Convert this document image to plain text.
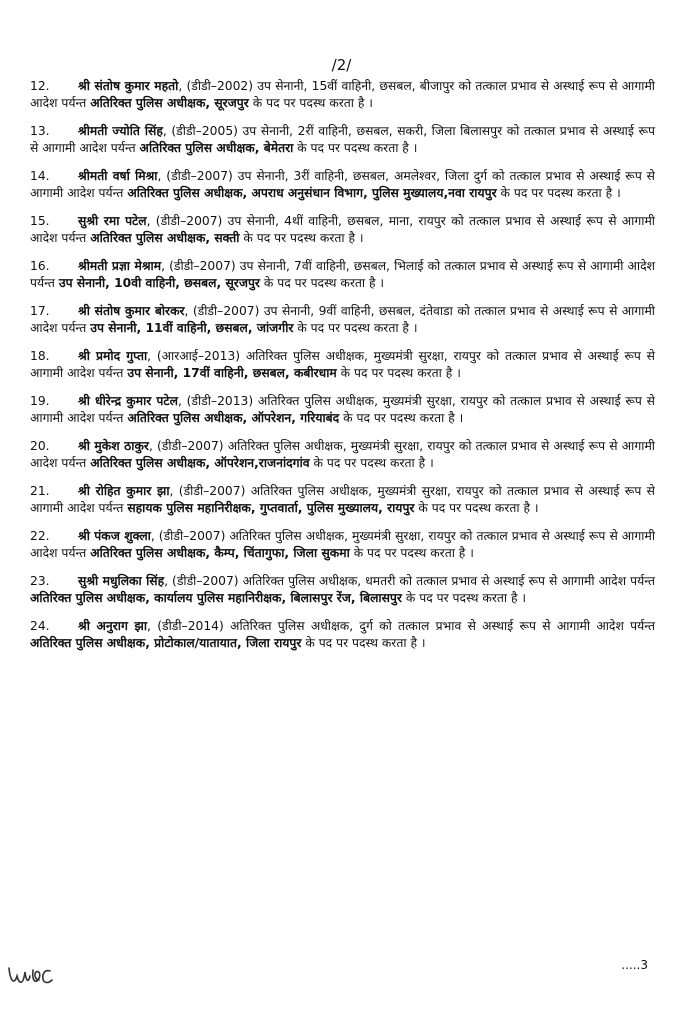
/2/

12. श्री संतोष कुमार महतो, (डीडी–2002) उप सेनानी, 15वीं वाहिनी, छसबल, बीजापुर को तत्काल प्रभाव से अस्थाई रूप से आगामी आदेश पर्यन्त अतिरिक्त पुलिस अधीक्षक, सूरजपुर के पद पर पदस्थ करता है ।

13. श्रीमती ज्योति सिंह, (डीडी–2005) उप सेनानी, 2रीं वाहिनी, छसबल, सकरी, जिला बिलासपुर को तत्काल प्रभाव से अस्थाई रूप से आगामी आदेश पर्यन्त अतिरिक्त पुलिस अधीक्षक, बेमेतरा के पद पर पदस्थ करता है ।

14. श्रीमती वर्षा मिश्रा, (डीडी–2007) उप सेनानी, 3रीं वाहिनी, छसबल, अमलेश्वर, जिला दुर्ग को तत्काल प्रभाव से अस्थाई रूप से आगामी आदेश पर्यन्त अतिरिक्त पुलिस अधीक्षक, अपराध अनुसंधान विभाग, पुलिस मुख्यालय,नवा रायपुर के पद पर पदस्थ करता है ।

15. सुश्री रमा पटेल, (डीडी–2007) उप सेनानी, 4थीं वाहिनी, छसबल, माना, रायपुर को तत्काल प्रभाव से अस्थाई रूप से आगामी आदेश पर्यन्त अतिरिक्त पुलिस अधीक्षक, सक्ती के पद पर पदस्थ करता है ।

16. श्रीमती प्रज्ञा मेश्राम, (डीडी–2007) उप सेनानी, 7वीं वाहिनी, छसबल, भिलाई को तत्काल प्रभाव से अस्थाई रूप से आगामी आदेश पर्यन्त उप सेनानी, 10वी वाहिनी, छसबल, सूरजपुर के पद पर पदस्थ करता है ।

17. श्री संतोष कुमार बोरकर, (डीडी–2007) उप सेनानी, 9वीं वाहिनी, छसबल, दंतेवाडा को तत्काल प्रभाव से अस्थाई रूप से आगामी आदेश पर्यन्त उप सेनानी, 11वीं वाहिनी, छसबल, जांजगीर के पद पर पदस्थ करता है ।

18. श्री प्रमोद गुप्ता, (आरआई–2013) अतिरिक्त पुलिस अधीक्षक, मुख्यमंत्री सुरक्षा, रायपुर को तत्काल प्रभाव से अस्थाई रूप से आगामी आदेश पर्यन्त उप सेनानी, 17वीं वाहिनी, छसबल, कबीरधाम के पद पर पदस्थ करता है ।

19. श्री धीरेन्द्र कुमार पटेल, (डीडी–2013) अतिरिक्त पुलिस अधीक्षक, मुख्यमंत्री सुरक्षा, रायपुर को तत्काल प्रभाव से अस्थाई रूप से आगामी आदेश पर्यन्त अतिरिक्त पुलिस अधीक्षक, ऑपरेशन, गरियाबंद के पद पर पदस्थ करता है ।

20. श्री मुकेश ठाकुर, (डीडी–2007) अतिरिक्त पुलिस अधीक्षक, मुख्यमंत्री सुरक्षा, रायपुर को तत्काल प्रभाव से अस्थाई रूप से आगामी आदेश पर्यन्त अतिरिक्त पुलिस अधीक्षक, ऑपरेशन,राजनांदगांव के पद पर पदस्थ करता है ।

21. श्री रोहित कुमार झा, (डीडी–2007) अतिरिक्त पुलिस अधीक्षक, मुख्यमंत्री सुरक्षा, रायपुर को तत्काल प्रभाव से अस्थाई रूप से आगामी आदेश पर्यन्त सहायक पुलिस महानिरीक्षक, गुप्तवार्ता, पुलिस मुख्यालय, रायपुर के पद पर पदस्थ करता है ।

22. श्री पंकज शुक्ला, (डीडी–2007) अतिरिक्त पुलिस अधीक्षक, मुख्यमंत्री सुरक्षा, रायपुर को तत्काल प्रभाव से अस्थाई रूप से आगामी आदेश पर्यन्त अतिरिक्त पुलिस अधीक्षक, कैम्प, चिंतागुफा, जिला सुकमा के पद पर पदस्थ करता है ।

23. सुश्री मधुलिका सिंह, (डीडी–2007) अतिरिक्त पुलिस अधीक्षक, धमतरी को तत्काल प्रभाव से अस्थाई रूप से आगामी आदेश पर्यन्त अतिरिक्त पुलिस अधीक्षक, कार्यालय पुलिस महानिरीक्षक, बिलासपुर रेंज, बिलासपुर के पद पर पदस्थ करता है ।

24. श्री अनुराग झा, (डीडी–2014) अतिरिक्त पुलिस अधीक्षक, दुर्ग को तत्काल प्रभाव से अस्थाई रूप से आगामी आदेश पर्यन्त अतिरिक्त पुलिस अधीक्षक, प्रोटोकाल/यातायात, जिला रायपुर के पद पर पदस्थ करता है ।

.....3
